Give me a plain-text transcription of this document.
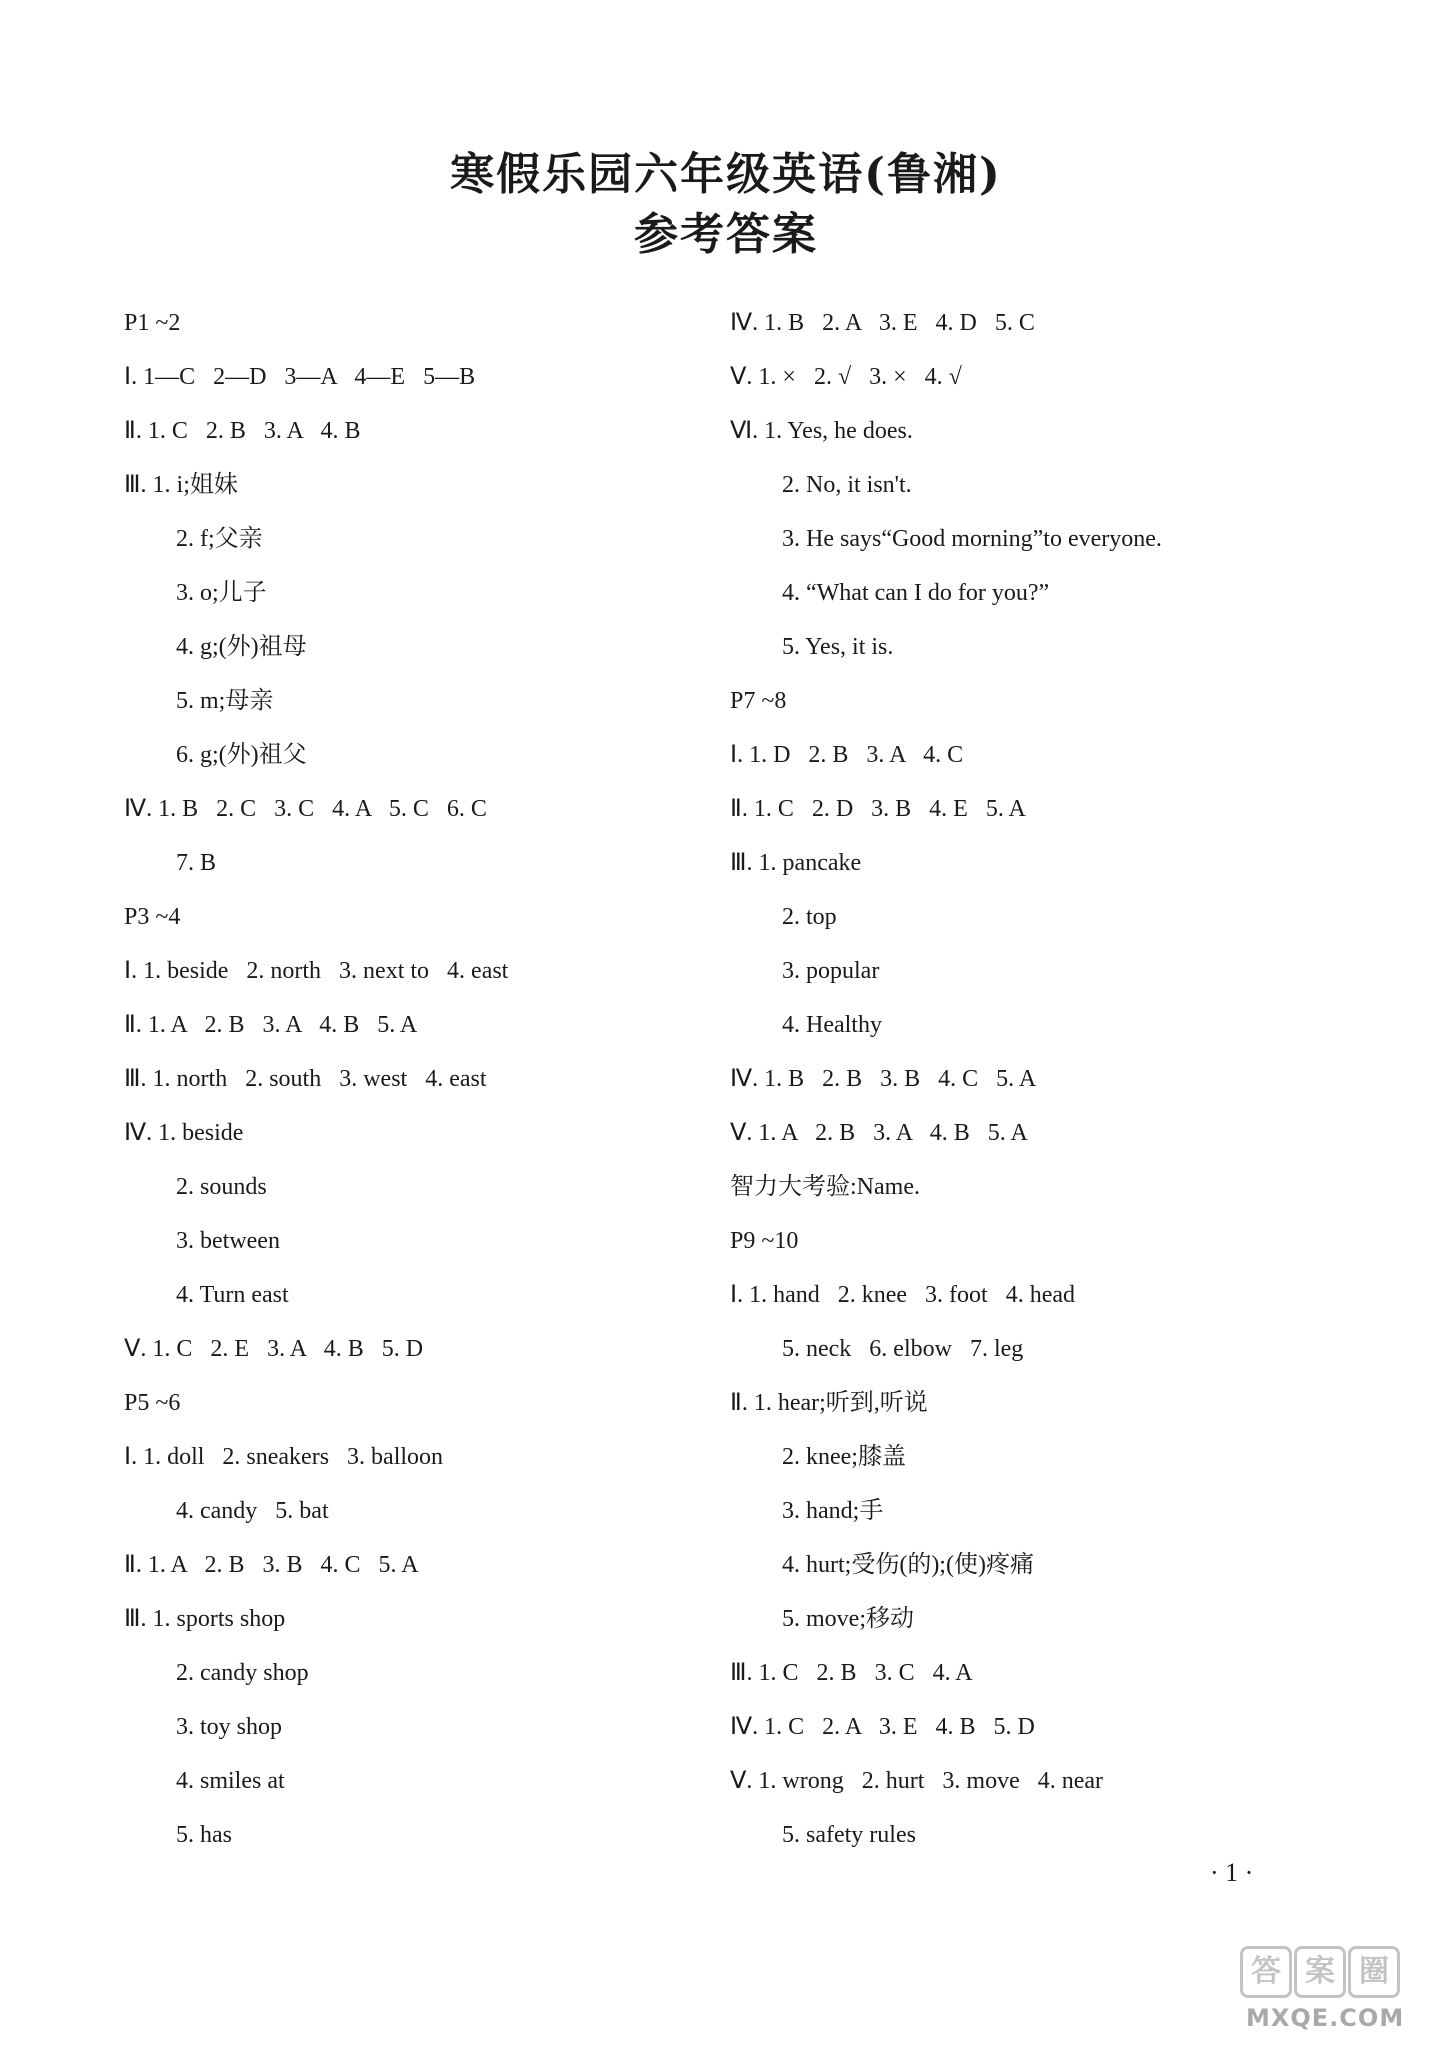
寒假乐园六年级英语(鲁湘)
参考答案
P1 ~2
Ⅰ. 1—C   2—D   3—A   4—E   5—B
Ⅱ. 1. C   2. B   3. A   4. B
Ⅲ. 1. i;姐妹
2. f;父亲
3. o;儿子
4. g;(外)祖母
5. m;母亲
6. g;(外)祖父
Ⅳ. 1. B   2. C   3. C   4. A   5. C   6. C
7. B
P3 ~4
Ⅰ. 1. beside   2. north   3. next to   4. east
Ⅱ. 1. A   2. B   3. A   4. B   5. A
Ⅲ. 1. north   2. south   3. west   4. east
Ⅳ. 1. beside
2. sounds
3. between
4. Turn east
Ⅴ. 1. C   2. E   3. A   4. B   5. D
P5 ~6
Ⅰ. 1. doll   2. sneakers   3. balloon
4. candy   5. bat
Ⅱ. 1. A   2. B   3. B   4. C   5. A
Ⅲ. 1. sports shop
2. candy shop
3. toy shop
4. smiles at
5. has
Ⅳ. 1. B   2. A   3. E   4. D   5. C
Ⅴ. 1. ×   2. √   3. ×   4. √
Ⅵ. 1. Yes, he does.
2. No, it isn't.
3. He says“Good morning”to everyone.
4. “What can I do for you?”
5. Yes, it is.
P7 ~8
Ⅰ. 1. D   2. B   3. A   4. C
Ⅱ. 1. C   2. D   3. B   4. E   5. A
Ⅲ. 1. pancake
2. top
3. popular
4. Healthy
Ⅳ. 1. B   2. B   3. B   4. C   5. A
Ⅴ. 1. A   2. B   3. A   4. B   5. A
智力大考验:Name.
P9 ~10
Ⅰ. 1. hand   2. knee   3. foot   4. head
5. neck   6. elbow   7. leg
Ⅱ. 1. hear;听到,听说
2. knee;膝盖
3. hand;手
4. hurt;受伤(的);(使)疼痛
5. move;移动
Ⅲ. 1. C   2. B   3. C   4. A
Ⅳ. 1. C   2. A   3. E   4. B   5. D
Ⅴ. 1. wrong   2. hurt   3. move   4. near
5. safety rules
· 1 ·
答 案 圈
MXQE.COM
